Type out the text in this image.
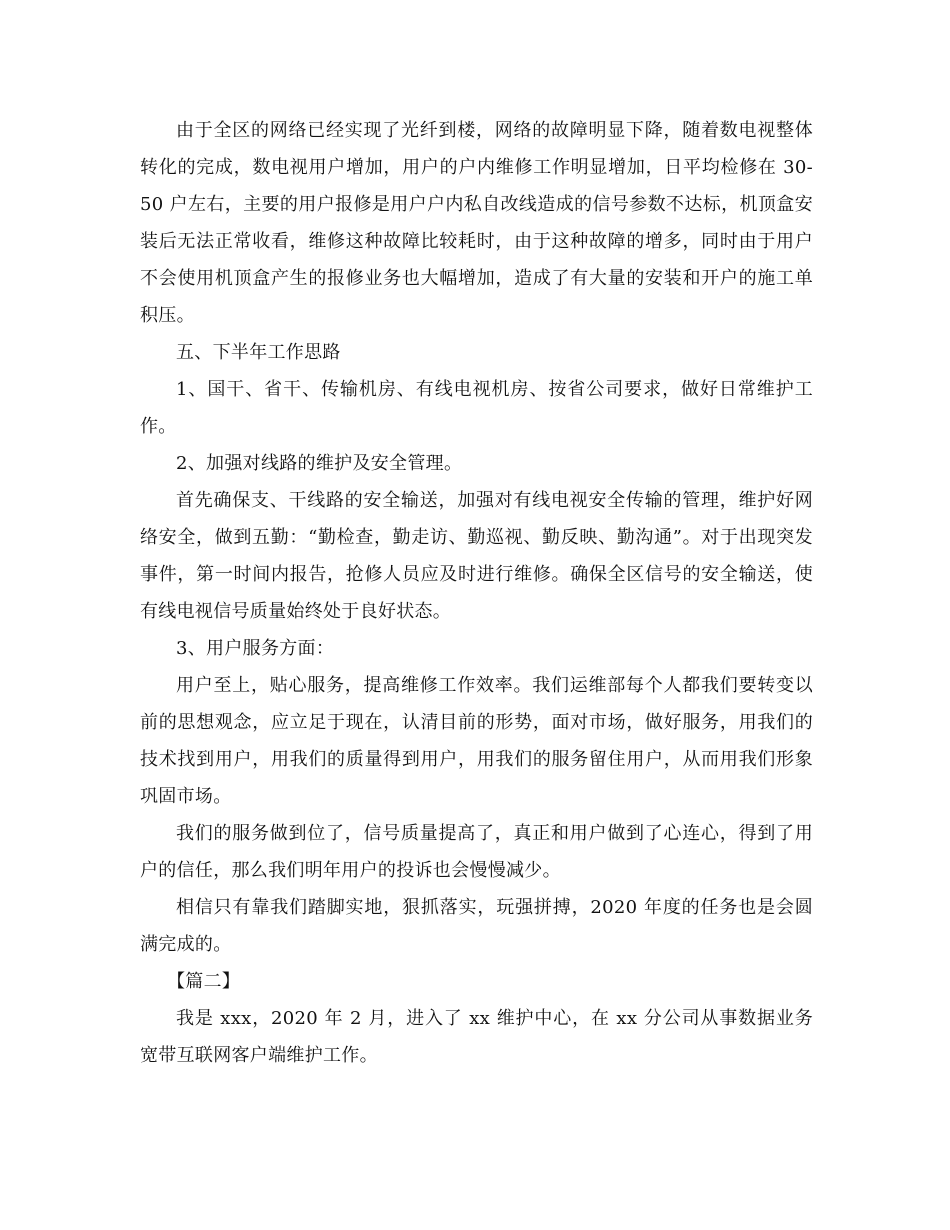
由于全区的网络已经实现了光纤到楼，网络的故障明显下降，随着数电视整体转化的完成，数电视用户增加，用户的户内维修工作明显增加，日平均检修在 30-50 户左右，主要的用户报修是用户户内私自改线造成的信号参数不达标，机顶盒安装后无法正常收看，维修这种故障比较耗时，由于这种故障的增多，同时由于用户不会使用机顶盒产生的报修业务也大幅增加，造成了有大量的安装和开户的施工单积压。

五、下半年工作思路

1、国干、省干、传输机房、有线电视机房、按省公司要求，做好日常维护工作。

2、加强对线路的维护及安全管理。

首先确保支、干线路的安全输送，加强对有线电视安全传输的管理，维护好网络安全，做到五勤：“勤检查，勤走访、勤巡视、勤反映、勤沟通”。对于出现突发事件，第一时间内报告，抢修人员应及时进行维修。确保全区信号的安全输送，使有线电视信号质量始终处于良好状态。

3、用户服务方面：

用户至上，贴心服务，提高维修工作效率。我们运维部每个人都我们要转变以前的思想观念，应立足于现在，认清目前的形势，面对市场，做好服务，用我们的技术找到用户，用我们的质量得到用户，用我们的服务留住用户，从而用我们形象巩固市场。

我们的服务做到位了，信号质量提高了，真正和用户做到了心连心，得到了用户的信任，那么我们明年用户的投诉也会慢慢减少。

相信只有靠我们踏脚实地，狠抓落实，玩强拼搏，2020 年度的任务也是会圆满完成的。

【篇二】

我是 xxx，2020 年 2 月，进入了 xx 维护中心，在 xx 分公司从事数据业务宽带互联网客户端维护工作。
